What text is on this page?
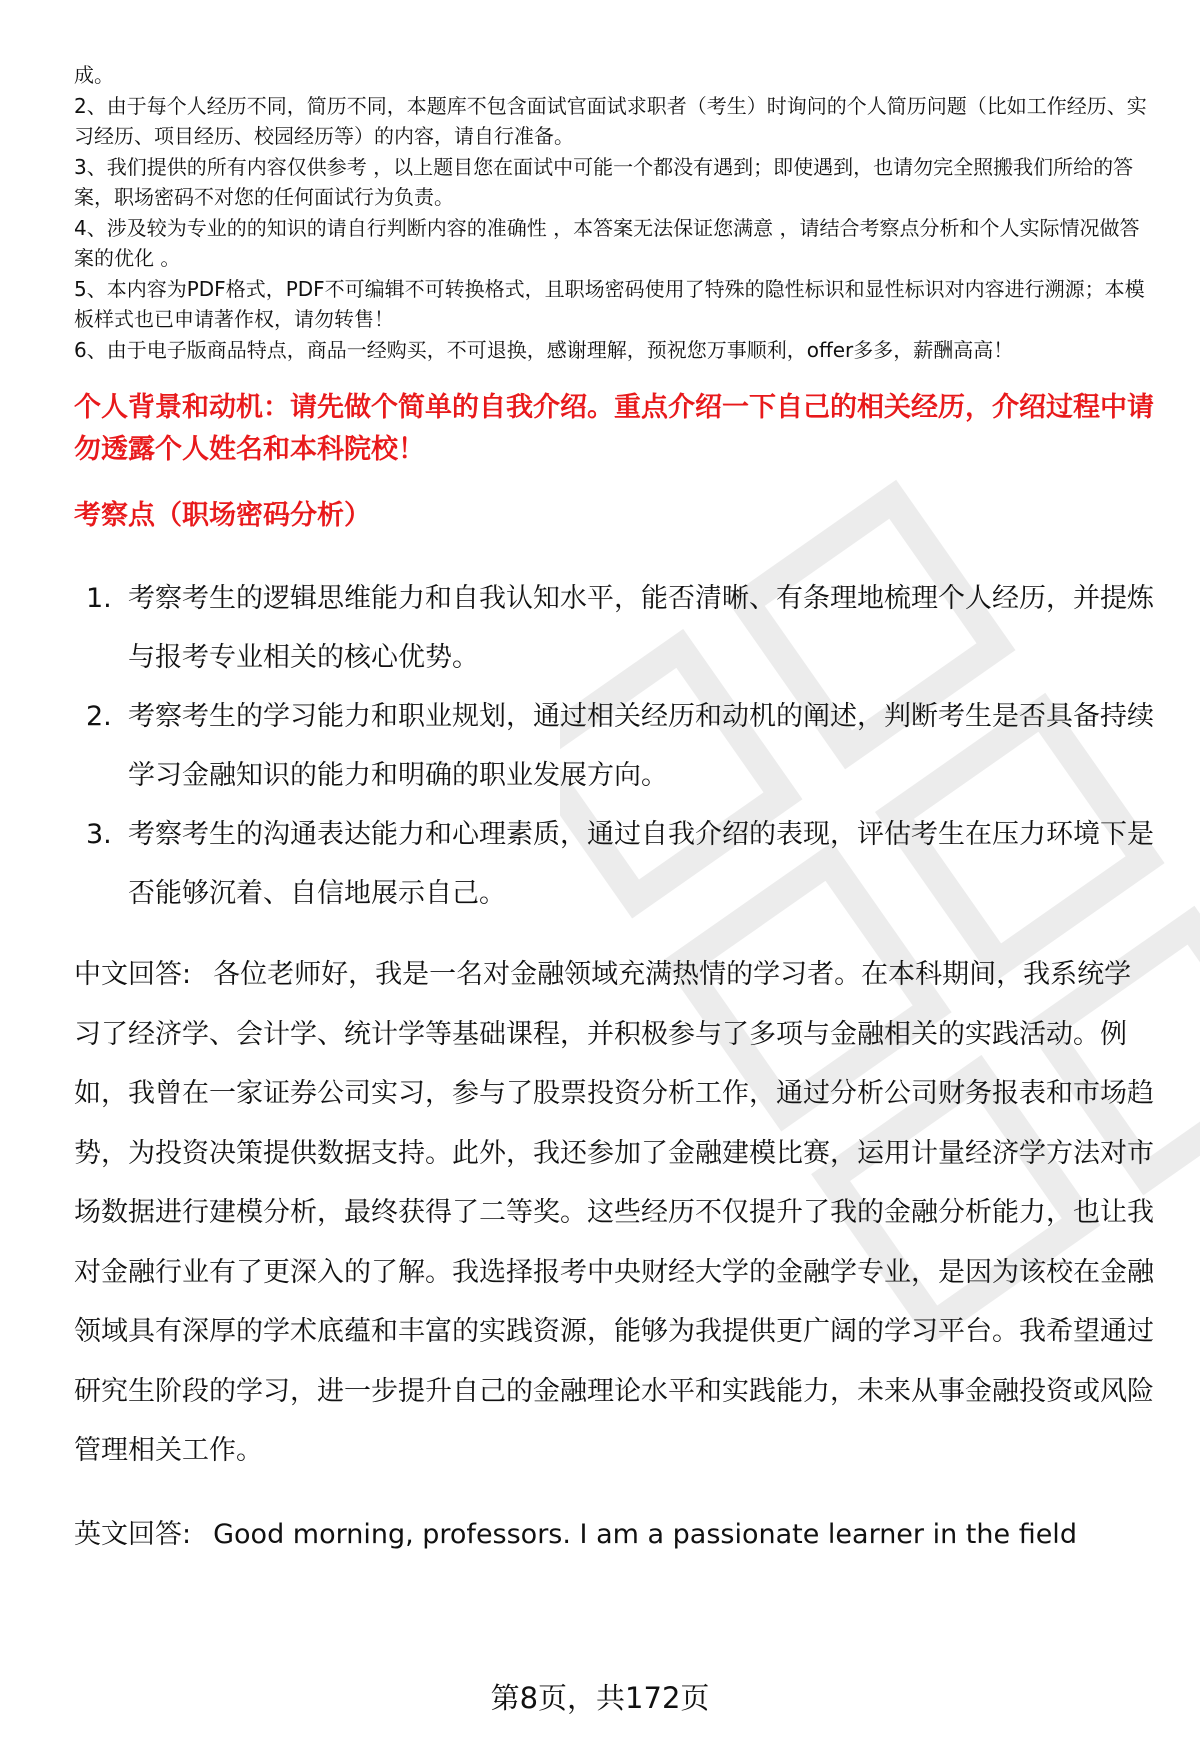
成。

2、由于每个人经历不同，简历不同，本题库不包含面试官面试求职者（考生）时询问的个人简历问题（比如工作经历、实习经历、项目经历、校园经历等）的内容，请自行准备。

3、我们提供的所有内容仅供参考 ，以上题目您在面试中可能一个都没有遇到；即使遇到，也请勿完全照搬我们所给的答案，职场密码不对您的任何面试行为负责。

4、涉及较为专业的的知识的请自行判断内容的准确性 ，本答案无法保证您满意 ，请结合考察点分析和个人实际情况做答案的优化 。

5、本内容为PDF格式，PDF不可编辑不可转换格式，且职场密码使用了特殊的隐性标识和显性标识对内容进行溯源；本模板样式也已申请著作权，请勿转售！

6、由于电子版商品特点，商品一经购买，不可退换，感谢理解，预祝您万事顺利，offer多多，薪酬高高！

个人背景和动机：请先做个简单的自我介绍。重点介绍一下自己的相关经历，介绍过程中请勿透露个人姓名和本科院校！
考察点（职场密码分析）
1. 考察考生的逻辑思维能力和自我认知水平，能否清晰、有条理地梳理个人经历，并提炼与报考专业相关的核心优势。
2. 考察考生的学习能力和职业规划，通过相关经历和动机的阐述，判断考生是否具备持续学习金融知识的能力和明确的职业发展方向。
3. 考察考生的沟通表达能力和心理素质，通过自我介绍的表现，评估考生在压力环境下是否能够沉着、自信地展示自己。

中文回答: 各位老师好，我是一名对金融领域充满热情的学习者。在本科期间，我系统学习了经济学、会计学、统计学等基础课程，并积极参与了多项与金融相关的实践活动。例如，我曾在一家证券公司实习，参与了股票投资分析工作，通过分析公司财务报表和市场趋势，为投资决策提供数据支持。此外，我还参加了金融建模比赛，运用计量经济学方法对市场数据进行建模分析，最终获得了二等奖。这些经历不仅提升了我的金融分析能力，也让我对金融行业有了更深入的了解。我选择报考中央财经大学的金融学专业，是因为该校在金融领域具有深厚的学术底蕴和丰富的实践资源，能够为我提供更广阔的学习平台。我希望通过研究生阶段的学习，进一步提升自己的金融理论水平和实践能力，未来从事金融投资或风险管理相关工作。

英文回答: Good morning, professors. I am a passionate learner in the field

第8页，共172页
